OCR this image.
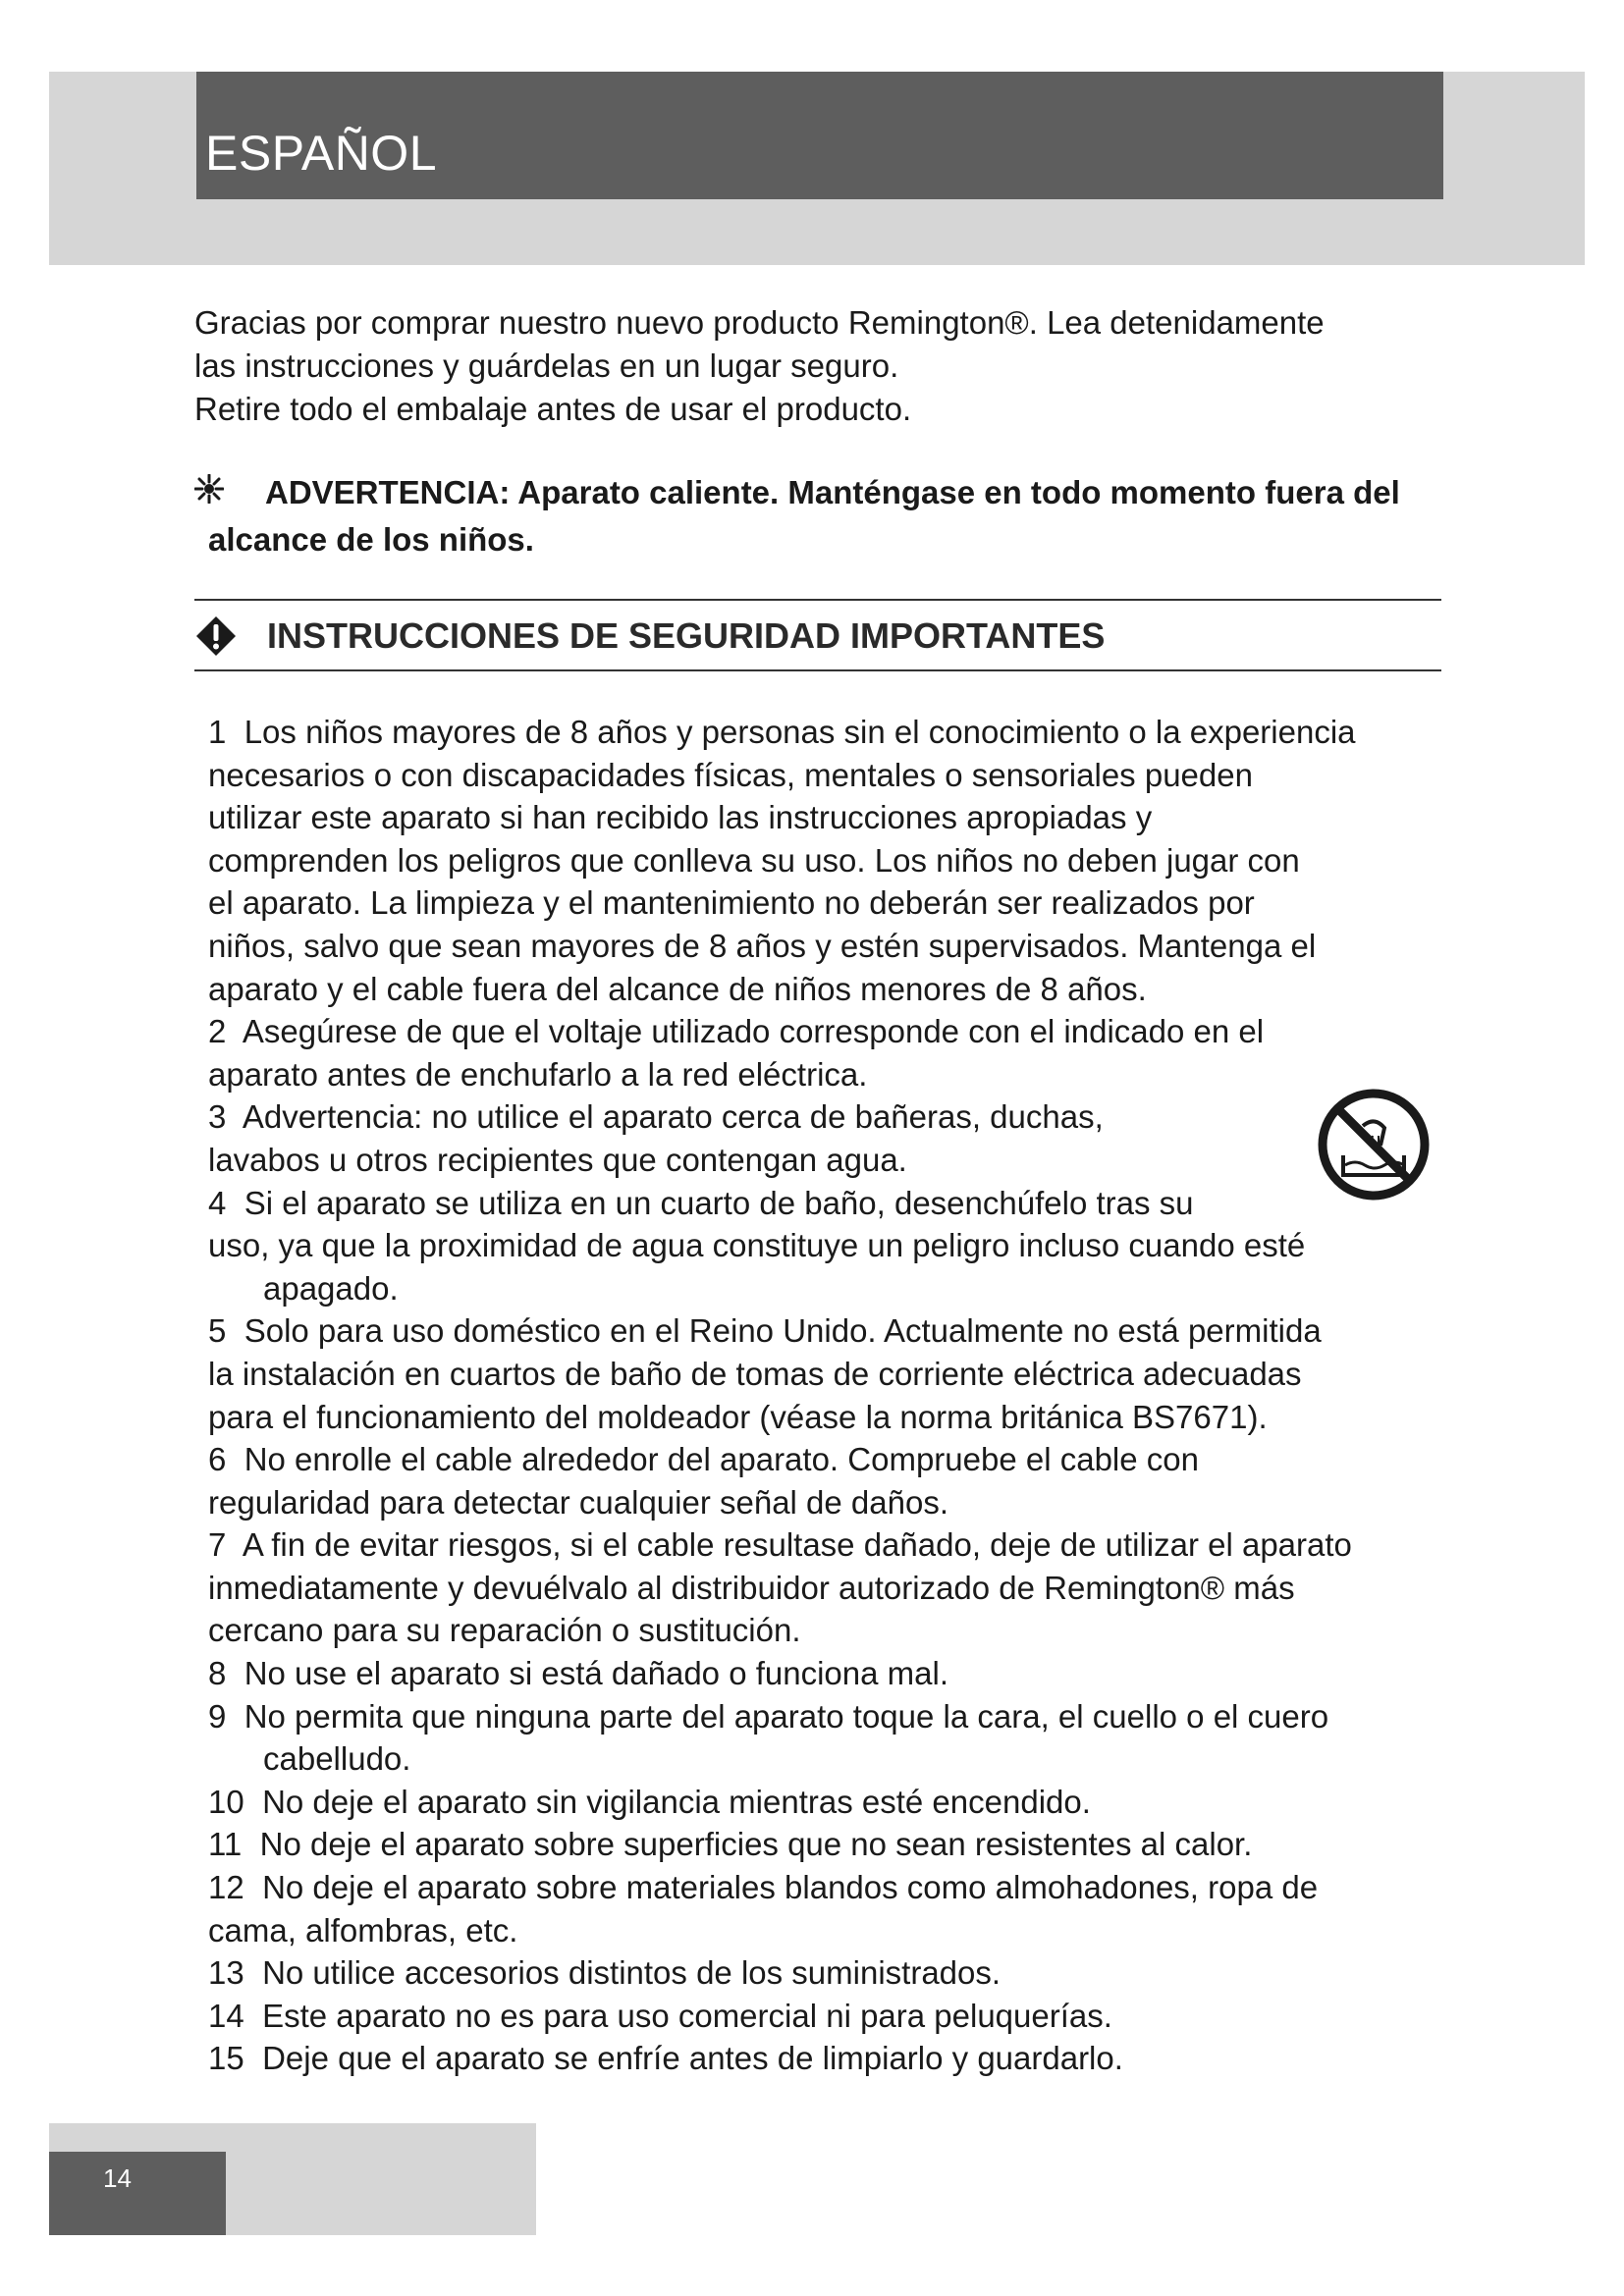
ESPAÑOL

Gracias por comprar nuestro nuevo producto Remington®. Lea detenidamente

las instrucciones y guárdelas en un lugar seguro.

Retire todo el embalaje antes de usar el producto.

ADVERTENCIA: Aparato caliente. Manténgase en todo momento fuera del
alcance de los niños.
INSTRUCCIONES DE SEGURIDAD IMPORTANTES
1 Los niños mayores de 8 años y personas sin el conocimiento o la experiencia
necesarios o con discapacidades físicas, mentales o sensoriales pueden
utilizar este aparato si han recibido las instrucciones apropiadas y
comprenden los peligros que conlleva su uso. Los niños no deben jugar con
el aparato. La limpieza y el mantenimiento no deberán ser realizados por
niños, salvo que sean mayores de 8 años y estén supervisados. Mantenga el
aparato y el cable fuera del alcance de niños menores de 8 años.
2 Asegúrese de que el voltaje utilizado corresponde con el indicado en el
aparato antes de enchufarlo a la red eléctrica.
3 Advertencia: no utilice el aparato cerca de bañeras, duchas,
lavabos u otros recipientes que contengan agua.
4 Si el aparato se utiliza en un cuarto de baño, desenchúfelo tras su
uso, ya que la proximidad de agua constituye un peligro incluso cuando esté
apagado.
5 Solo para uso doméstico en el Reino Unido. Actualmente no está permitida
la instalación en cuartos de baño de tomas de corriente eléctrica adecuadas
para el funcionamiento del moldeador (véase la norma británica BS7671).
6 No enrolle el cable alrededor del aparato. Compruebe el cable con
regularidad para detectar cualquier señal de daños.
7 A fin de evitar riesgos, si el cable resultase dañado, deje de utilizar el aparato
inmediatamente y devuélvalo al distribuidor autorizado de Remington® más
cercano para su reparación o sustitución.
8 No use el aparato si está dañado o funciona mal.
9 No permita que ninguna parte del aparato toque la cara, el cuello o el cuero
cabelludo.
10 No deje el aparato sin vigilancia mientras esté encendido.
11 No deje el aparato sobre superficies que no sean resistentes al calor.
12 No deje el aparato sobre materiales blandos como almohadones, ropa de
cama, alfombras, etc.
13 No utilice accesorios distintos de los suministrados.
14 Este aparato no es para uso comercial ni para peluquerías.
15 Deje que el aparato se enfríe antes de limpiarlo y guardarlo.
14
